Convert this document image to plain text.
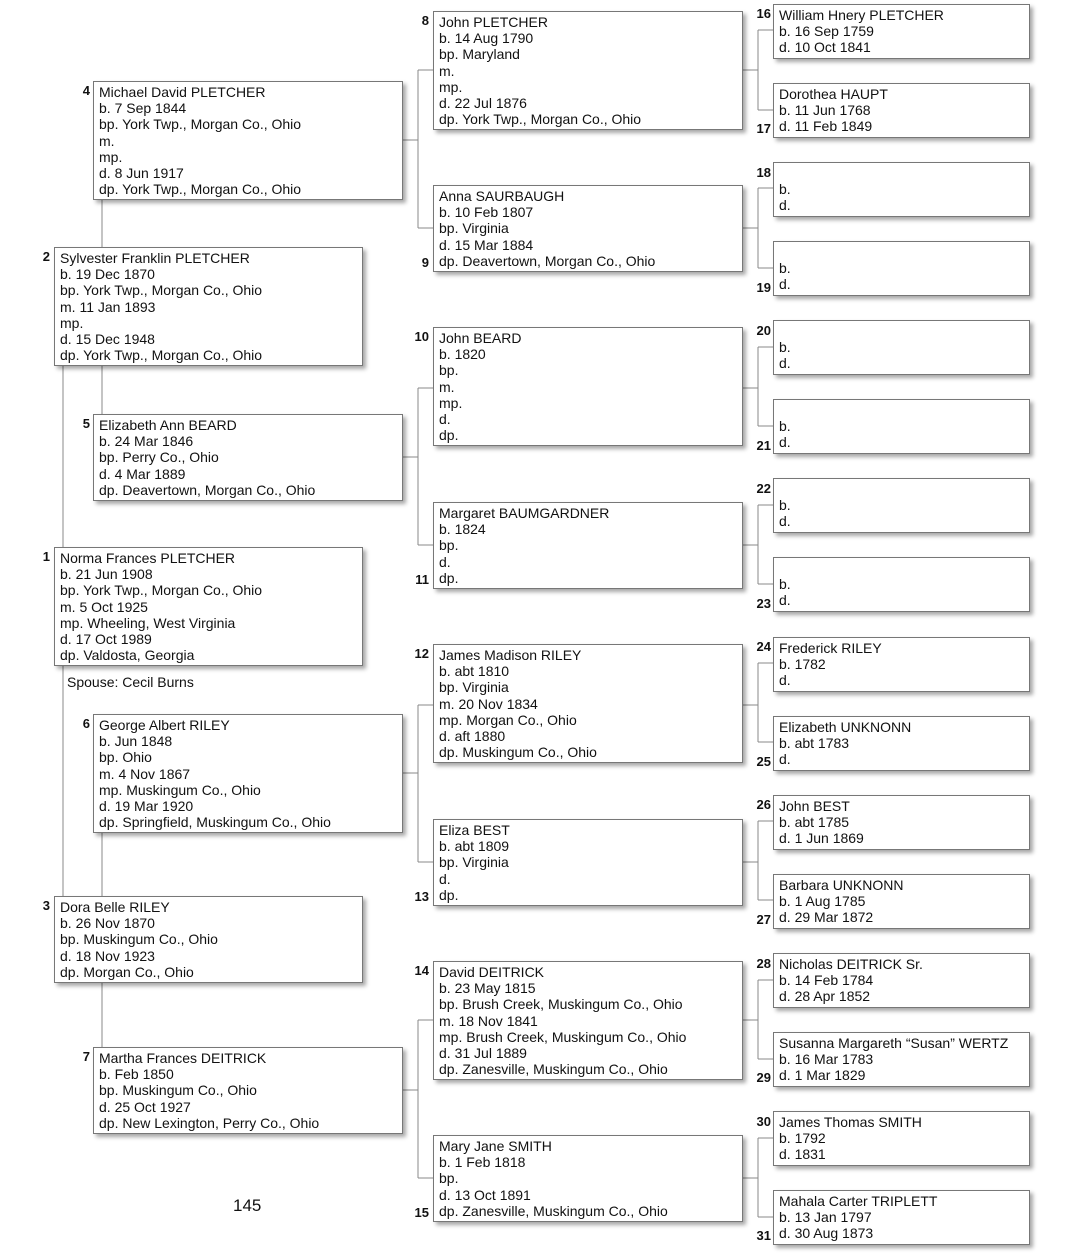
Norma Frances PLETCHER
b. 21 Jun 1908
bp. York Twp., Morgan Co., Ohio
m. 5 Oct 1925
mp. Wheeling, West Virginia
d. 17 Oct 1989
dp. Valdosta, Georgia
1
Sylvester Franklin PLETCHER
b. 19 Dec 1870
bp. York Twp., Morgan Co., Ohio
m. 11 Jan 1893
mp.
d. 15 Dec 1948
dp. York Twp., Morgan Co., Ohio
2
Dora Belle RILEY
b. 26 Nov 1870
bp. Muskingum Co., Ohio
d. 18 Nov 1923
dp. Morgan Co., Ohio
3
Michael David PLETCHER
b. 7 Sep 1844
bp. York Twp., Morgan Co., Ohio
m.
mp.
d. 8 Jun 1917
dp. York Twp., Morgan Co., Ohio
4
Elizabeth Ann BEARD
b. 24 Mar 1846
bp. Perry Co., Ohio
d. 4 Mar 1889
dp. Deavertown, Morgan Co., Ohio
5
George Albert RILEY
b. Jun 1848
bp. Ohio
m. 4 Nov 1867
mp. Muskingum Co., Ohio
d. 19 Mar 1920
dp. Springfield, Muskingum Co., Ohio
6
Martha Frances DEITRICK
b. Feb 1850
bp. Muskingum Co., Ohio
d. 25 Oct 1927
dp. New Lexington, Perry Co., Ohio
7
John PLETCHER
b. 14 Aug 1790
bp. Maryland
m.
mp.
d. 22 Jul 1876
dp. York Twp., Morgan Co., Ohio
8
Anna SAURBAUGH
b. 10 Feb 1807
bp. Virginia
d. 15 Mar 1884
dp. Deavertown, Morgan Co., Ohio
9
John BEARD
b. 1820
bp.
m.
mp.
d.
dp.
10
Margaret BAUMGARDNER
b. 1824
bp.
d.
dp.
11
James Madison RILEY
b. abt 1810
bp. Virginia
m. 20 Nov 1834
mp. Morgan Co., Ohio
d. aft 1880
dp. Muskingum Co., Ohio
12
Eliza BEST
b. abt 1809
bp. Virginia
d.
dp.
13
David DEITRICK
b. 23 May 1815
bp. Brush Creek, Muskingum Co., Ohio
m. 18 Nov 1841
mp. Brush Creek, Muskingum Co., Ohio
d. 31 Jul 1889
dp. Zanesville, Muskingum Co., Ohio
14
Mary Jane SMITH
b. 1 Feb 1818
bp.
d. 13 Oct 1891
dp. Zanesville, Muskingum Co., Ohio
15
William Hnery PLETCHER
b. 16 Sep 1759
d. 10 Oct 1841
16
Dorothea HAUPT
b. 11 Jun 1768
d. 11 Feb 1849
17

b.
d.
18

b.
d.
19

b.
d.
20

b.
d.
21

b.
d.
22

b.
d.
23
Frederick RILEY
b. 1782
d.
24
Elizabeth UNKNONN
b. abt 1783
d.
25
John BEST
b. abt 1785
d. 1 Jun 1869
26
Barbara UNKNONN
b. 1 Aug 1785
d. 29 Mar 1872
27
Nicholas DEITRICK Sr.
b. 14 Feb 1784
d. 28 Apr 1852
28
Susanna Margareth “Susan” WERTZ
b. 16 Mar 1783
d. 1 Mar 1829
29
James Thomas SMITH
b. 1792
d. 1831
30
Mahala Carter TRIPLETT
b. 13 Jan 1797
d. 30 Aug 1873
31
Spouse: Cecil Burns
145
